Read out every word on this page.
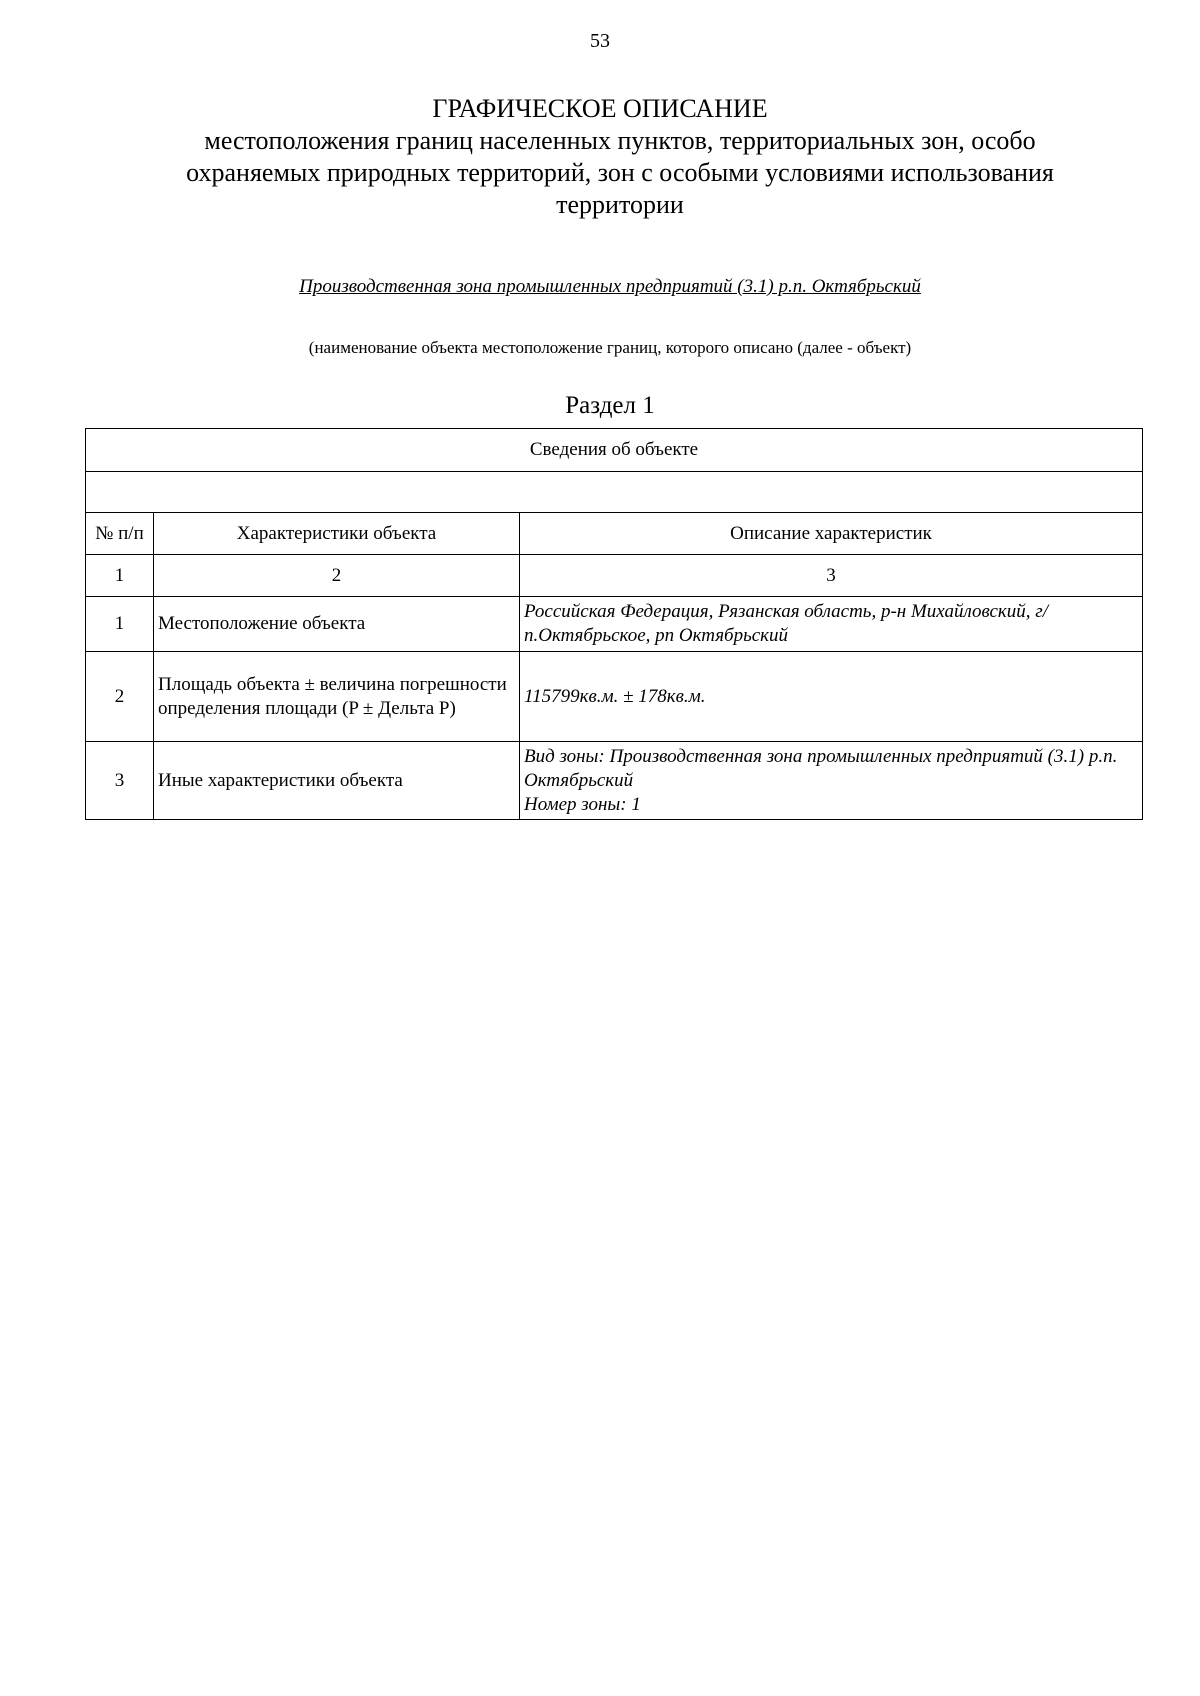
53
ГРАФИЧЕСКОЕ ОПИСАНИЕ
местоположения границ населенных пунктов, территориальных зон, особо охраняемых природных территорий, зон с особыми условиями использования территории
Производственная зона промышленных предприятий (3.1) р.п. Октябрьский
(наименование объекта местоположение границ, которого описано (далее - объект)
Раздел 1
Сведения об объекте		

№ п/п	Характеристики объекта	Описание характеристик
1	2	3
1	Местоположение объекта	Российская Федерация, Рязанская область, р-н Михайловский, г/п.Октябрьское, рп Октябрьский
2	Площадь объекта ± величина погрешности определения площади (P ± Дельта P)	115799кв.м. ± 178кв.м.
3	Иные характеристики объекта	Вид зоны: Производственная зона промышленных предприятий (3.1) р.п. Октябрьский
Номер зоны: 1
